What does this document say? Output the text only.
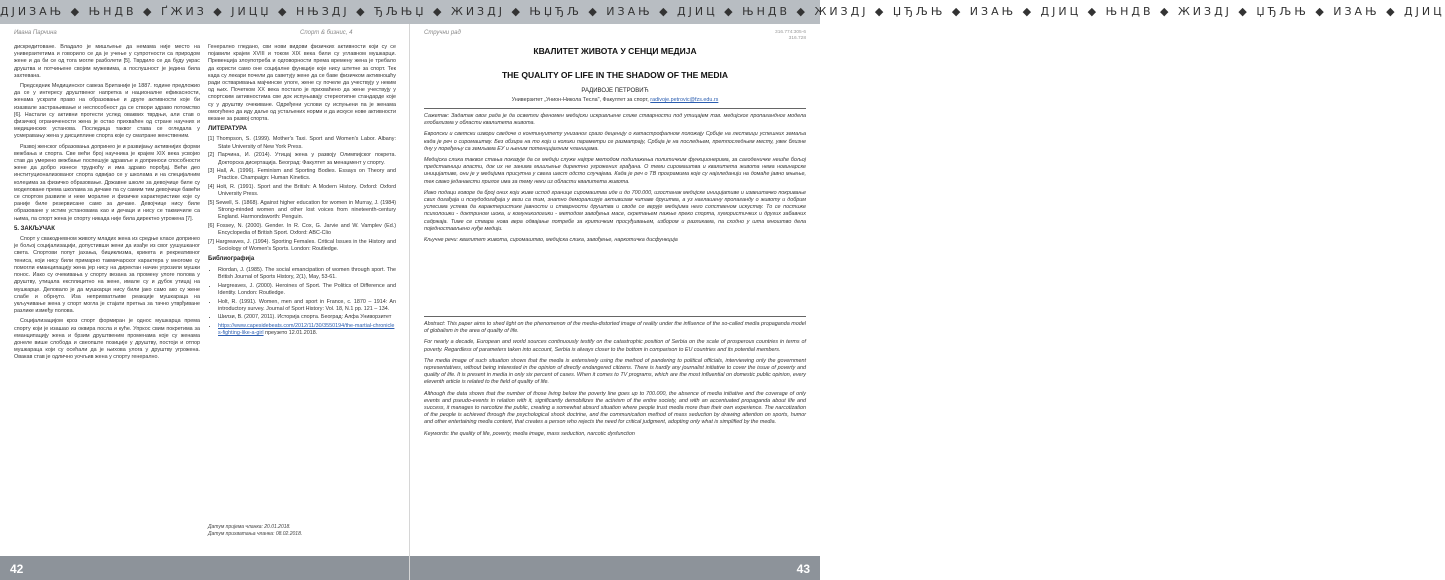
ДЈИЗАЊ ◆ ЊНДВ ◆ ҐЖИЗ ◆ ЈИЦЏ ◆ НЊЗДЈ ◆ ЂЉЊЏ ◆ ЖИЗДЈ ◆ ЊЏЂЉ ◆ ИЗАЊ ◆ ДЈИЦ ◆ ЊНДВ ◆ ЖИЗДЈ ◆ ЏЂЉЊ ◆ ИЗАЊ ◆ ДЈИЦ ◆ ЊНДВ ◆ ЖИЗДЈ ◆ ЏЂЉЊ ◆ ИЗАЊ ◆ ДЈИЦ
Ивана Парчина	Спорт & бизнис, 4

дискредитоване. Владало је мишљење да немама није место на универзитетима и говорило се да је учење у супротности са природом жене и да би се од тога могле разболети [5]. Тврдило се да буду украс друштва и потчињене својим мужевима, а послушност је једина била захтевана.

Председник Медицинског савеза Британије је 1887. године предложио да се у интересу друштвеног напретка и националне ефикасности, женама ускрати право на образовање и друге активности које би изазвале застрањивање и неспособност да се створи здраво потомство [6]. Настали су активни протести услед оваквих тврдњи, али став о физичкој ограничености жена је остао прихваћен од стране научних и медицинских установа. Последица таквог става се огледала у усмеравању жена у дисциплине спорта које су сматране женственим.

Развој женског образовања допринео је и развијању активнијих форми вежбања и спорта. Све већи број научника је краjем XIX века усвојио став да умерено вежбање поспешује здравље и доприноси способности жене да добро изнесе трудноћу и има здраво порођај. Већи део институционализованог спорта одвијао се у школама и на специјалним колеџима за физичко образовање. Државне школе за девојчице биле су моделоване према школама за дечаке па су самим тим девојчице бавећи се спортом развиле и неке моралне и физичке карактеристике које су раније биле резервисане само за дечаке. Девојчице нису биле образоване у истим установама као и дечаци и нису се такмичиле са њима, па спорт жена је спорту никада није била директно угрожена [7].

5. ЗАКЉУЧАК

Спорт у свакодневном животу младих жена из средње класе допринео је бољој социјализацији, допустивши жени да изађе из свог уушушканог света. Спортови попут јахања, бициклизма, крикета и рекреативног тениса, који нису били примарно такмичарског карактера у многоме су помогли еманципацију жена јер нису на директан начин угрозили мушки понос. Иако су очекивања у спорту везана за промену улоге полова у друштву, утицала експлицитно на жене, имале су и дубок утицај на мушкарце. Деловало је да мушкарци нису били јако само ако су жене слабе и обрнуто. Иза неприхватљиве реакције мушкараца на укључивање жена у спорт могла је стајати претња за тачно утврђиване разлике између полова.

Социјализацијом кроз спорт формиран је однос мушкарца према спорту који је изашао из оквира посла и куће. Упркос свим покретима за еманципацију жена и брзим друштвеним променама које су женама донеле више слобода и свеопште позиције у друштву, постоји и отпор мушкараца који су осећали да је њихова улога у друштву угрожена. Овакав став је одлично уочљив жена у спорту генерално.

Генерално гледано, сви нови видови физичких активности који су се појавили крајем XVIII и током XIX века били су углавном мушкарци. Превенција злоупотреба и одговорности према времену жена је требало да користи само оне социјалне функције које нису штетне за спорт. Тек када су лекари почели да саветују жене да се баве физичком активношћу ради остваривања мајчинске улоге, жене су почеле да учествују у неким од њих. Почетком XX века постало је прихваћено да жене учествују у спортским активностима све док испуњавају стереотипне стандарде које су у друштву очекиване. Одређени услови су испуњени па је женама омогућено да иду даље од устаљених норми и да искусе нове активности везане за развој спорта.

ЛИТЕРАТУРА
[1] Thompson, S. (1999). Mother's Taxi. Sport and Women's Labor. Albany: State University of New York Press.
[2] Парчина, И. (2014). Утицај жена у развоју Олимпијског покрета. Докторска дисертација. Београд: Факултет за менаџмент у спорту.
[3] Hall, A. (1996). Feminism and Sporting Bodies. Essays on Theory and Practice. Champaign: Human Kinetics.
[4] Holt, R. (1991). Sport and the British: A Modern History. Oxford: Oxford University Press.
[5] Sewell, S. (1868). Against higher education for women in Murray, J. (1984) Strong-minded women and other lost voices from nineteenth-century England. Harmondsworth: Penguin.
[6] Fossey, N. (2000). Gender. In R. Cox, G. Jarvie and W. Vamplev (Ed.) Encyclopedia of British Sport. Oxford: ABC-Clio
[7] Hargreaves, J. (1994). Sporting Females. Critical Issues in the History and Sociology of Women's Sports. London: Routledge.
Библиографија
• Riordan, J. (1985). The social emancipation of women through sport. The British Journal of Sports History, 2(1), May, 53-61.
• Hargreaves, J. (2000). Heroines of Sport. The Politics of Difference and Identity. London: Routledge.
• Holt, R. (1991). Women, men and sport in France, c. 1870 – 1914: An introductory survey. Journal of Sport History: Vol. 18, N.1 pp. 121 – 134.
• Шилзи, В. (2007, 2011). Историја спорта. Београд: Алфа Униворзитет
• https://www.capesidebeats.com/2012/11/30/3550194/the-martial-chronicles-fighting-like-a-girl преузето 12.01.2018.
Датум пријема чланка: 20.01.2018.
Датум прихватања чланка: 08.02.2018.
Стручни рад	316.774:305-6
316.728
КВАЛИТЕТ ЖИВОТА У СЕНЦИ МЕДИЈА
THE QUALITY OF LIFE IN THE SHADOW OF THE MEDIA
РАДИВОЈЕ ПЕТРОВИЋ
Универзитет „Унион-Никола Тесла", Факултет за спорт, radivoje.petrovic@fzs.edu.rs

Сажетак: Задатак овог рада је да осветли феномен медијски искривљене слике стварности под утицајем тзв. медијског пропагандног модела глобализма у области квалитета живота.

Европски и светски извори сведоче о континуитету унизаног сразо деценију о катастрофалном положају Србије на лествици успешних земаља када је реч о сиромаштву. Без обзира на то који и колики параметри се разматрају, Србија је на последњем, претпоследњем месту, увек близне дну у поређењу са земљама ЕУ и њеним потенцијалним чланицама.

Медијска слика таквог стања показује да се медији служе најпре методом подилажења политичким функционерима, за сагоденичке нешће бољој представници власти, док их не занима мишљење директно угрожених грађана. О теми сиромаштва и квалитета живота нема новинарске иницијативе, они је у медијима присутна у свега шест одсто случајева. Када је реч о ТВ програмима које су најгледанији на домаће јавно мњење, тек свако једанаести прилог има за тему неки из области квалитета живота.

Иако подаци говоре да број оних који живе испод границе сиромаштва иде и до 700.000, изостанак медијске иницијативе и извештачко покривање свих догађаја и псеудодогађаја у вези са тим, знатно деморализује активизам читаве друштва, а уз наглашену пропаганду о животу и добрим успесима успева да карактеристике јавности и стварности друштва и своде се верује медијима него сопственом искуству. То се постиже психолошки - доктрином шока, и комуникологики - методом завођења масе, скретањем пажње преко спорта, хумористичких и других забавних садржаја. Тиме се ствара нова вера одвајање потребе за критичким просуђивањем, избором и разликама, па сходно у шта мноштво дела поједностављено нуђе медији.

Кључне речи: квалитет живота, сиромаштво, медијска слика, завођење, наркотичка дисфункција

Abstract: This paper aims to shed light on the phenomenon of the media-distorted image of reality under the influence of the so-called media propaganda model of globalism in the area of quality of life.

For nearly a decade, European and world sources continuously testify on the catastrophic position of Serbia on the scale of prosperous countries in terms of poverty. Regardless of parameters taken into account, Serbia is always closer to the bottom in comparison to EU countries and its potential members.

The media image of such situation shows that the media is extensively using the method of pandering to political officials, interviewing only the government representatives, without being interested in the opinion of directly endangered citizens. There is hardly any journalist initiative to cover the issue of poverty and quality of life. It is present in media in only six percent of cases. When it comes to TV programs, which are the most influential on domestic public opinion, every eleventh article is related to the field of quality of life.

Although the data shows that the number of those living below the poverty line goes up to 700.000, the absence of media initiative and the coverage of only events and pseudo-events in relation with it, significantly demobilizes the activism of the entire society, and with an accentuated propaganda about life and success, it manages to narcotize the public, creating a somewhat absurd situation where people trust media more than their own experience. The narcotization of the people is achieved through the psychological shock doctrine, and the communication method of mass seduction by drawing attention on sports, humor and other entertaining media content, that creates a person who rejects the need for critical judgment, adopting only what is simplified by the media.

Keywords: the quality of life, poverty, media image, mass seduction, narcotic dysfunction

42	43
